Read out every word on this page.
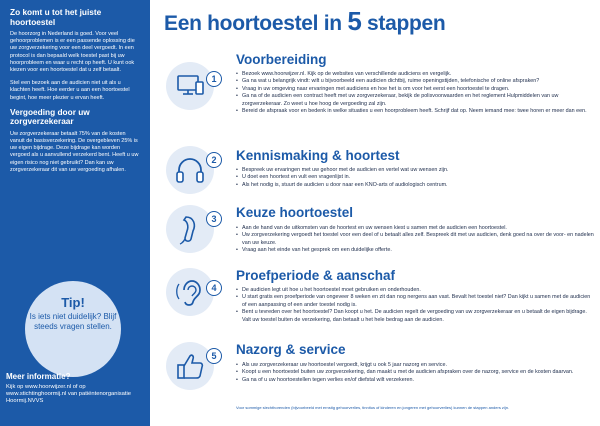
Zo komt u tot het juiste hoortoestel
De hoorzorg in Nederland is goed. Voor veel gehoorproblemen is er een passende oplossing die uw zorgverzekering voor een deel vergoedt. In een protocol is dan bepaald welk toestel past bij uw hoorprobleem en waar u recht op heeft. U kunt ook kiezen voor een hoortoestel dat u zelf betaalt.
Stel een bezoek aan de audicien niet uit als u klachten heeft. Hoe eerder u aan een hoortoestel begint, hoe meer plezier u ervan heeft.
Vergoeding door uw zorgverzekeraar
Uw zorgverzekeraar betaalt 75% van de kosten vanuit de basisverzekering. De overgebleven 25% is uw eigen bijdrage. Deze bijdrage kan worden vergoed als u aanvullend verzekerd bent. Heeft u uw eigen risico nog niet gebruikt? Dan kan uw zorgverzekeraar dit van uw vergoeding afhalen.
Tip!
Is iets niet duidelijk? Blijf steeds vragen stellen.
Meer informatie?
Kijk op www.hoorwijzer.nl of op www.stichtinghoormij.nl van patiëntenorganisatie Hoormij.NVVS
Een hoortoestel in 5 stappen
1
Voorbereiding
• Bezoek www.hoorwijzer.nl. Kijk op de websites van verschillende audiciens en vergelijk.
• Ga na wat u belangrijk vindt: wilt u bijvoorbeeld een audicien dichtbij, ruime openingstijden, telefonische of online afspraken?
• Vraag in uw omgeving naar ervaringen met audiciens en hoe het is om voor het eerst een hoortoestel te dragen.
• Ga na of de audicien een contract heeft met uw zorgverzekeraar, bekijk de polisvoorwaarden en het reglement Hulpmiddelen van uw zorgverzekeraar. Zo weet u hoe hoog de vergoeding zal zijn.
• Bereid de afspraak voor en bedenk in welke situaties u een hoorprobleem heeft. Schrijf dat op. Neem iemand mee: twee horen er meer dan een.
2	Kennismaking & hoortest
• Bespreek uw ervaringen met uw gehoor met de audicien en vertel wat uw wensen zijn.
• U doet een hoortest en vult een vragenlijst in.
• Als het nodig is, stuurt de audicien u door naar een KNO-arts of audiologisch centrum.
3	Keuze hoortoestel
• Aan de hand van de uitkomsten van de hoortest en uw wensen kiest u samen met de audicien een hoortoestel.
• Uw zorgverzekering vergoedt het toestel voor een deel of u betaalt alles zelf. Bespreek dit met uw audicien, denk goed na over de voor- en nadelen van uw keuze.
• Vraag aan het einde van het gesprek om een duidelijke offerte.
4
Proefperiode & aanschaf
• De audicien legt uit hoe u het hoortoestel moet gebruiken en onderhouden.
• U start gratis een proefperiode van ongeveer 8 weken en zit dan nog nergens aan vast. Bevalt het toestel niet? Dan kijkt u samen met de audicien of een aanpassing of een ander toestel nodig is.
• Bent u tevreden over het hoortoestel? Dan koopt u het. De audicien regelt de vergoeding van uw zorgverzekeraar en u betaalt de eigen bijdrage. Valt uw toestel buiten de verzekering, dan betaalt u het hele bedrag aan de audicien.
5	Nazorg & service
• Als uw zorgverzekeraar uw hoortoestel vergoedt, krijgt u ook 5 jaar nazorg en service.
• Koopt u een hoortoestel buiten uw zorgverzekering, dan maakt u met de audicien afspraken over de nazorg, service en de kosten daarvan.
• Ga na of u uw hoortoestellen tegen verlies en/of diefstal wilt verzekeren.
Voor sommige slechthorenden (bijvoorbeeld met ernstig gehoorverlies, tinnitus of kinderen en jongeren met gehoorverlies) kunnen de stappen anders zijn.
